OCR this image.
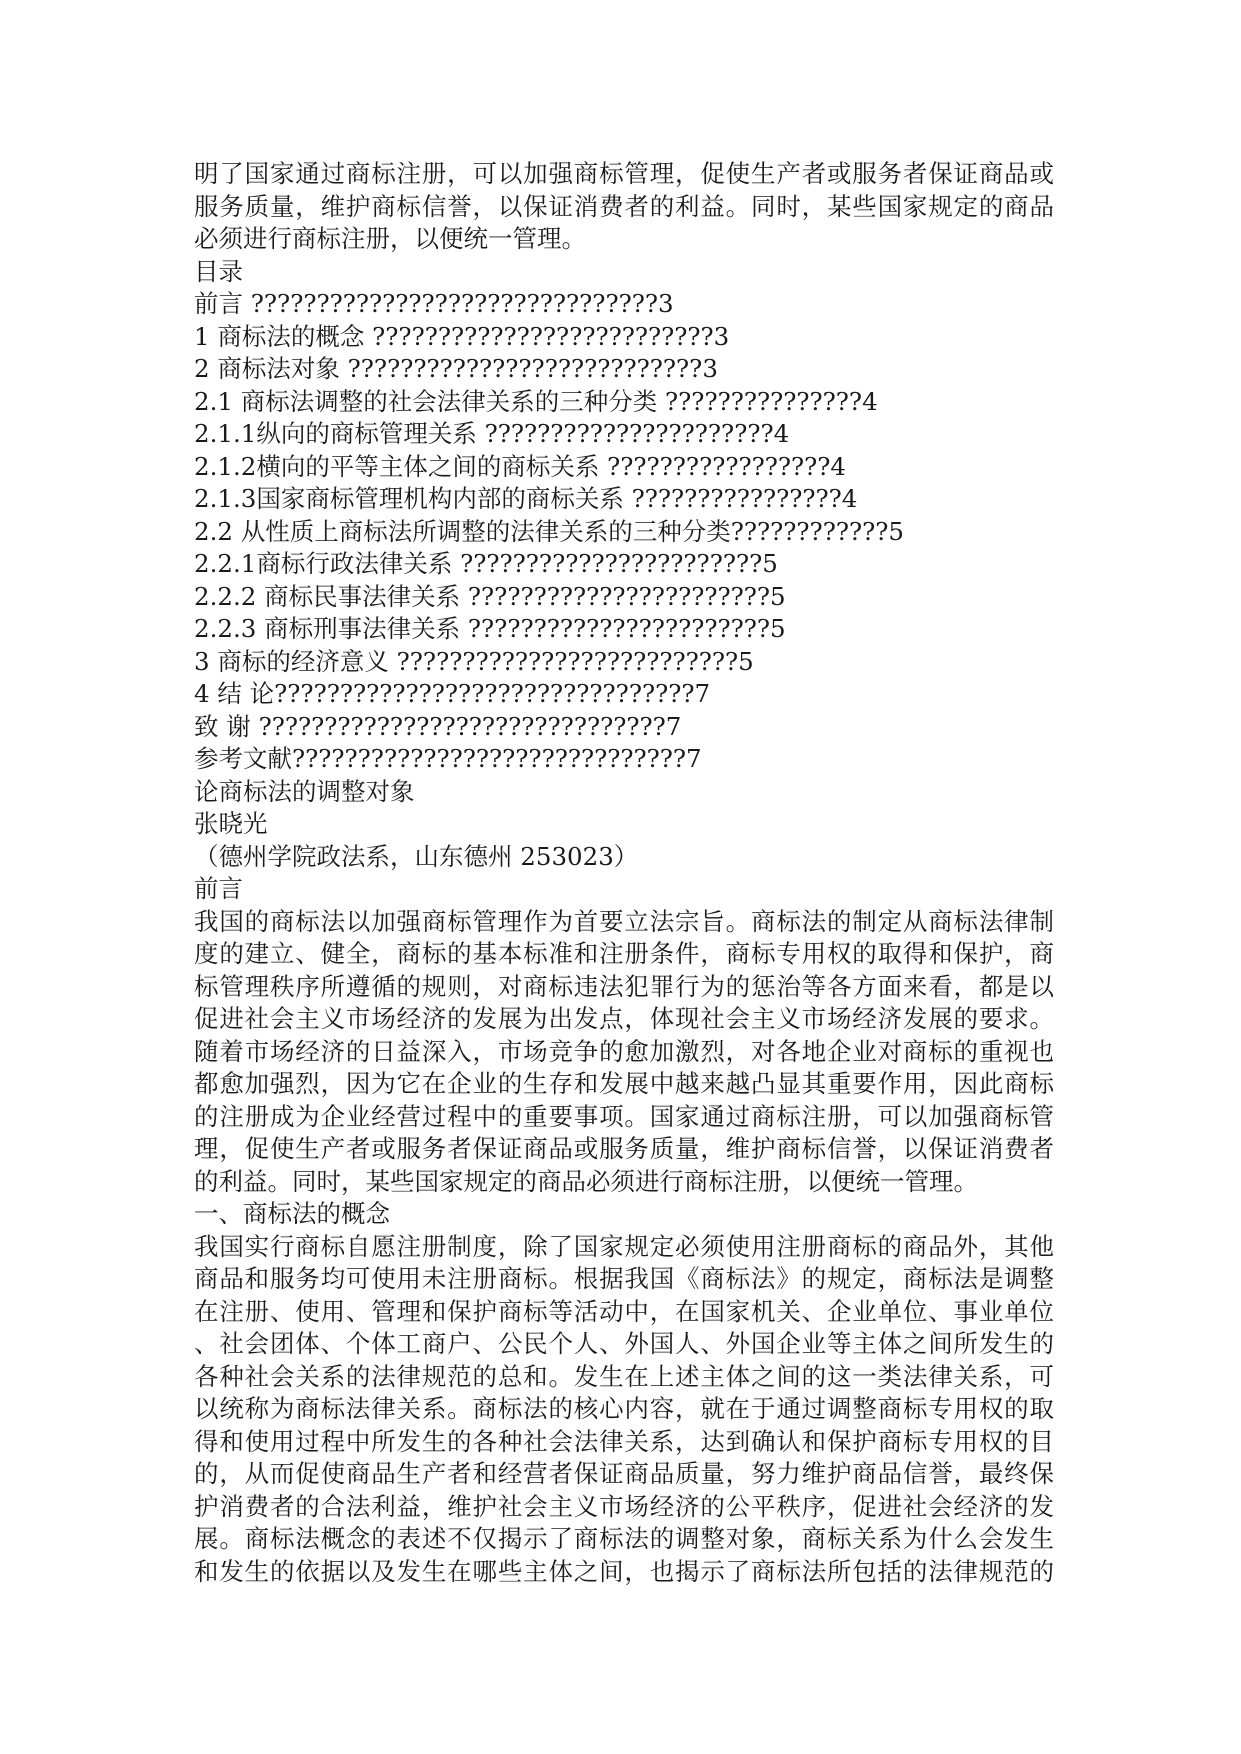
明了国家通过商标注册，可以加强商标管理，促使生产者或服务者保证商品或
服务质量，维护商标信誉，以保证消费者的利益。同时，某些国家规定的商品
必须进行商标注册，以便统一管理。
目录
前言 ???????????????????????????????3
1 商标法的概念 ??????????????????????????3
2 商标法对象 ???????????????????????????3
2.1 商标法调整的社会法律关系的三种分类 ???????????????4
2.1.1纵向的商标管理关系 ??????????????????????4
2.1.2横向的平等主体之间的商标关系 ?????????????????4
2.1.3国家商标管理机构内部的商标关系 ????????????????4
2.2 从性质上商标法所调整的法律关系的三种分类????????????5
2.2.1商标行政法律关系 ???????????????????????5
2.2.2 商标民事法律关系 ???????????????????????5
2.2.3 商标刑事法律关系 ???????????????????????5
3 商标的经济意义 ??????????????????????????5
4 结 论????????????????????????????????7
致 谢 ???????????????????????????????7
参考文献??????????????????????????????7
论商标法的调整对象
张晓光
（德州学院政法系，山东德州 253023）
前言
我国的商标法以加强商标管理作为首要立法宗旨。商标法的制定从商标法律制
度的建立、健全，商标的基本标准和注册条件，商标专用权的取得和保护，商
标管理秩序所遵循的规则，对商标违法犯罪行为的惩治等各方面来看，都是以
促进社会主义市场经济的发展为出发点，体现社会主义市场经济发展的要求。
随着市场经济的日益深入，市场竞争的愈加激烈，对各地企业对商标的重视也
都愈加强烈，因为它在企业的生存和发展中越来越凸显其重要作用，因此商标
的注册成为企业经营过程中的重要事项。国家通过商标注册，可以加强商标管
理，促使生产者或服务者保证商品或服务质量，维护商标信誉，以保证消费者
的利益。同时，某些国家规定的商品必须进行商标注册，以便统一管理。
一、商标法的概念
我国实行商标自愿注册制度，除了国家规定必须使用注册商标的商品外，其他
商品和服务均可使用未注册商标。根据我国《商标法》的规定，商标法是调整
在注册、使用、管理和保护商标等活动中，在国家机关、企业单位、事业单位
、社会团体、个体工商户、公民个人、外国人、外国企业等主体之间所发生的
各种社会关系的法律规范的总和。发生在上述主体之间的这一类法律关系，可
以统称为商标法律关系。商标法的核心内容，就在于通过调整商标专用权的取
得和使用过程中所发生的各种社会法律关系，达到确认和保护商标专用权的目
的，从而促使商品生产者和经营者保证商品质量，努力维护商品信誉，最终保
护消费者的合法利益，维护社会主义市场经济的公平秩序，促进社会经济的发
展。商标法概念的表述不仅揭示了商标法的调整对象，商标关系为什么会发生
和发生的依据以及发生在哪些主体之间，也揭示了商标法所包括的法律规范的
